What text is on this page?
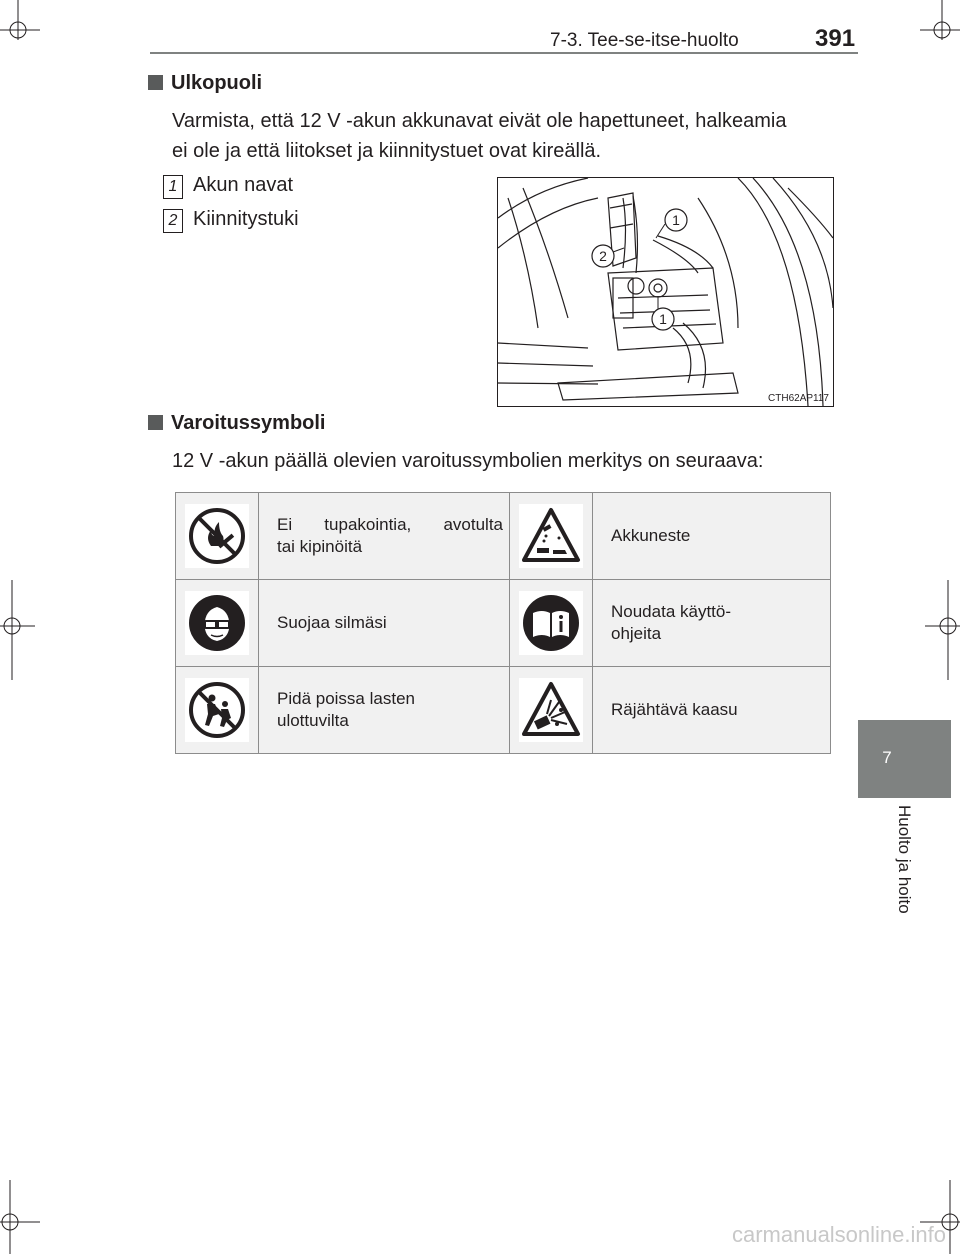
7-3. Tee-se-itse-huolto	391
7
Huolto ja hoito
Ulkopuoli
Varmista, että 12 V -akun akkunavat eivät ole hapettuneet, halkeamia
ei ole ja että liitokset ja kiinnitystuet ovat kireällä.
1 Akun navat
2 Kiinnitystuki	1
2
1
CTH62AP117
Varoitussymboli
12 V -akun päällä olevien varoitussymbolien merkitys on seuraava:

Ei tupakointia, avotulta
tai kipinöitä		Akkuneste

	Suojaa silmäsi		Noudata käyttö-
ohjeita

Pidä poissa lasten
ulottuvilta		Räjähtävä kaasu
carmanualsonline.info
